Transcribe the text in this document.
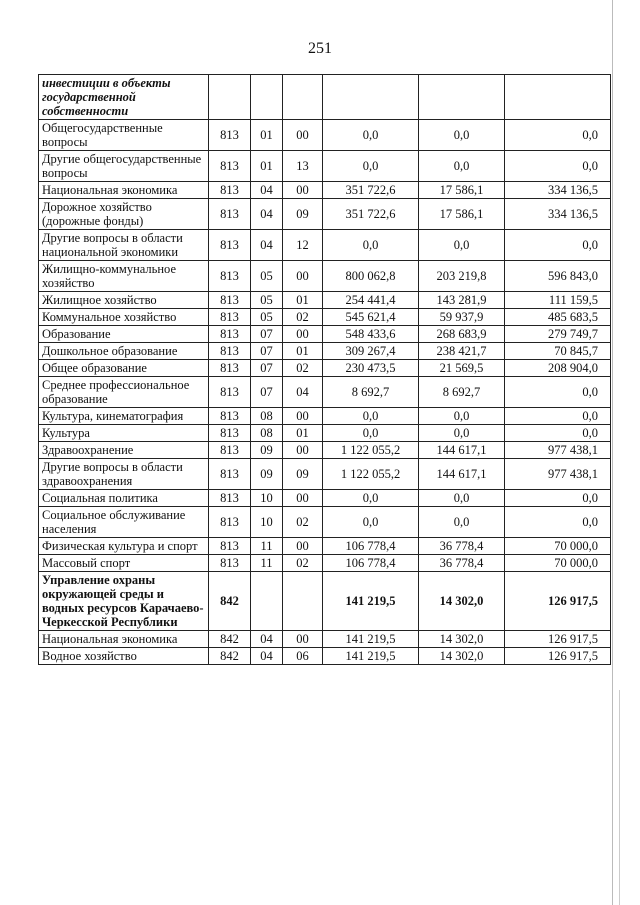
251
инвестиции в объекты государственной собственности						
Общегосударственные вопросы	813	01	00	0,0	0,0	0,0
Другие общегосударственные вопросы	813	01	13	0,0	0,0	0,0
Национальная экономика	813	04	00	351 722,6	17 586,1	334 136,5
Дорожное хозяйство (дорожные фонды)	813	04	09	351 722,6	17 586,1	334 136,5
Другие вопросы в области национальной экономики	813	04	12	0,0	0,0	0,0
Жилищно-коммунальное хозяйство	813	05	00	800 062,8	203 219,8	596 843,0
Жилищное хозяйство	813	05	01	254 441,4	143 281,9	111 159,5
Коммунальное хозяйство	813	05	02	545 621,4	59 937,9	485 683,5
Образование	813	07	00	548 433,6	268 683,9	279 749,7
Дошкольное образование	813	07	01	309 267,4	238 421,7	70 845,7
Общее образование	813	07	02	230 473,5	21 569,5	208 904,0
Среднее профессиональное образование	813	07	04	8 692,7	8 692,7	0,0
Культура, кинематография	813	08	00	0,0	0,0	0,0
Культура	813	08	01	0,0	0,0	0,0
Здравоохранение	813	09	00	1 122 055,2	144 617,1	977 438,1
Другие вопросы в области здравоохранения	813	09	09	1 122 055,2	144 617,1	977 438,1
Социальная политика	813	10	00	0,0	0,0	0,0
Социальное обслуживание населения	813	10	02	0,0	0,0	0,0
Физическая культура и спорт	813	11	00	106 778,4	36 778,4	70 000,0
Массовый спорт	813	11	02	106 778,4	36 778,4	70 000,0
Управление охраны окружающей среды и водных ресурсов Карачаево-Черкесской Республики	842			141 219,5	14 302,0	126 917,5
Национальная экономика	842	04	00	141 219,5	14 302,0	126 917,5
Водное хозяйство	842	04	06	141 219,5	14 302,0	126 917,5
